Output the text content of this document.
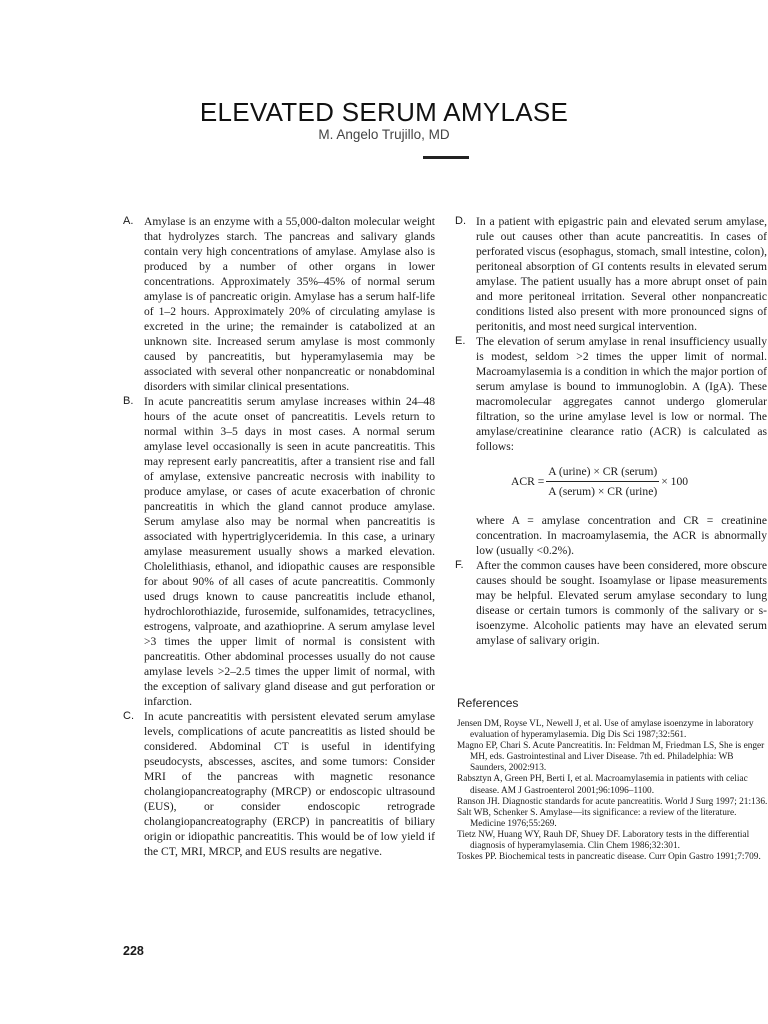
ELEVATED SERUM AMYLASE
M. Angelo Trujillo, MD

A. Amylase is an enzyme with a 55,000-dalton molecular weight that hydrolyzes starch. The pancreas and salivary glands contain very high concentrations of amylase. Amylase also is produced by a number of other organs in lower concentrations. Approximately 35%–45% of normal serum amylase is of pancreatic origin. Amylase has a serum half-life of 1–2 hours. Approximately 20% of circulating amylase is excreted in the urine; the remainder is catabolized at an unknown site. Increased serum amylase is most commonly caused by pancreatitis, but hyperamylasemia may be associated with several other nonpancreatic or nonabdominal disorders with similar clinical presentations.

B. In acute pancreatitis serum amylase increases within 24–48 hours of the acute onset of pancreatitis. Levels return to normal within 3–5 days in most cases. A normal serum amylase level occasionally is seen in acute pancreatitis. This may represent early pancreatitis, after a transient rise and fall of amylase, extensive pancreatic necrosis with inability to produce amylase, or cases of acute exacerbation of chronic pancreatitis in which the gland cannot produce amylase. Serum amylase also may be normal when pancreatitis is associated with hypertriglyceridemia. In this case, a urinary amylase measurement usually shows a marked elevation. Cholelithiasis, ethanol, and idiopathic causes are responsible for about 90% of all cases of acute pancreatitis. Commonly used drugs known to cause pancreatitis include ethanol, hydrochlorothiazide, furosemide, sulfonamides, tetracyclines, estrogens, valproate, and azathioprine. A serum amylase level >3 times the upper limit of normal is consistent with pancreatitis. Other abdominal processes usually do not cause amylase levels >2–2.5 times the upper limit of normal, with the exception of salivary gland disease and gut perforation or infarction.

C. In acute pancreatitis with persistent elevated serum amylase levels, complications of acute pancreatitis as listed should be considered. Abdominal CT is useful in identifying pseudocysts, abscesses, ascites, and some tumors: Consider MRI of the pancreas with magnetic resonance cholangiopancreatography (MRCP) or endoscopic ultrasound (EUS), or consider endoscopic retrograde cholangiopancreatography (ERCP) in pancreatitis of biliary origin or idiopathic pancreatitis. This would be of low yield if the CT, MRI, MRCP, and EUS results are negative.

D. In a patient with epigastric pain and elevated serum amylase, rule out causes other than acute pancreatitis. In cases of perforated viscus (esophagus, stomach, small intestine, colon), peritoneal absorption of GI contents results in elevated serum amylase. The patient usually has a more abrupt onset of pain and more peritoneal irritation. Several other nonpancreatic conditions listed also present with more pronounced signs of peritonitis, and most need surgical intervention.

E. The elevation of serum amylase in renal insufficiency usually is modest, seldom >2 times the upper limit of normal. Macroamylasemia is a condition in which the major portion of serum amylase is bound to immunoglobin. A (IgA). These macromolecular aggregates cannot undergo glomerular filtration, so the urine amylase level is low or normal. The amylase/creatinine clearance ratio (ACR) is calculated as follows:

ACR = $\frac{\text{A (urine) × CR (serum)}}{\text{A (serum) × CR (urine)}} \times 100$

where A = amylase concentration and CR = creatinine concentration. In macroamylasemia, the ACR is abnormally low (usually <0.2%).

F. After the common causes have been considered, more obscure causes should be sought. Isoamylase or lipase measurements may be helpful. Elevated serum amylase secondary to lung disease or certain tumors is commonly of the salivary or s-isoenzyme. Alcoholic patients may have an elevated serum amylase of salivary origin.

References
Jensen DM, Royse VL, Newell J, et al. Use of amylase isoenzyme in laboratory evaluation of hyperamylasemia. Dig Dis Sci 1987;32:561.
Magno EP, Chari S. Acute Pancreatitis. In: Feldman M, Friedman LS, She is enger MH, eds. Gastrointestinal and Liver Disease. 7th ed. Philadelphia: WB Saunders, 2002:913.
Rabsztyn A, Green PH, Berti I, et al. Macroamylasemia in patients with celiac disease. AM J Gastroenterol 2001;96:1096–1100.
Ranson JH. Diagnostic standards for acute pancreatitis. World J Surg 1997; 21:136.
Salt WB, Schenker S. Amylase—its significance: a review of the literature. Medicine 1976;55:269.
Tietz NW, Huang WY, Rauh DF, Shuey DF. Laboratory tests in the differential diagnosis of hyperamylasemia. Clin Chem 1986;32:301.
Toskes PP. Biochemical tests in pancreatic disease. Curr Opin Gastro 1991;7:709.
228
